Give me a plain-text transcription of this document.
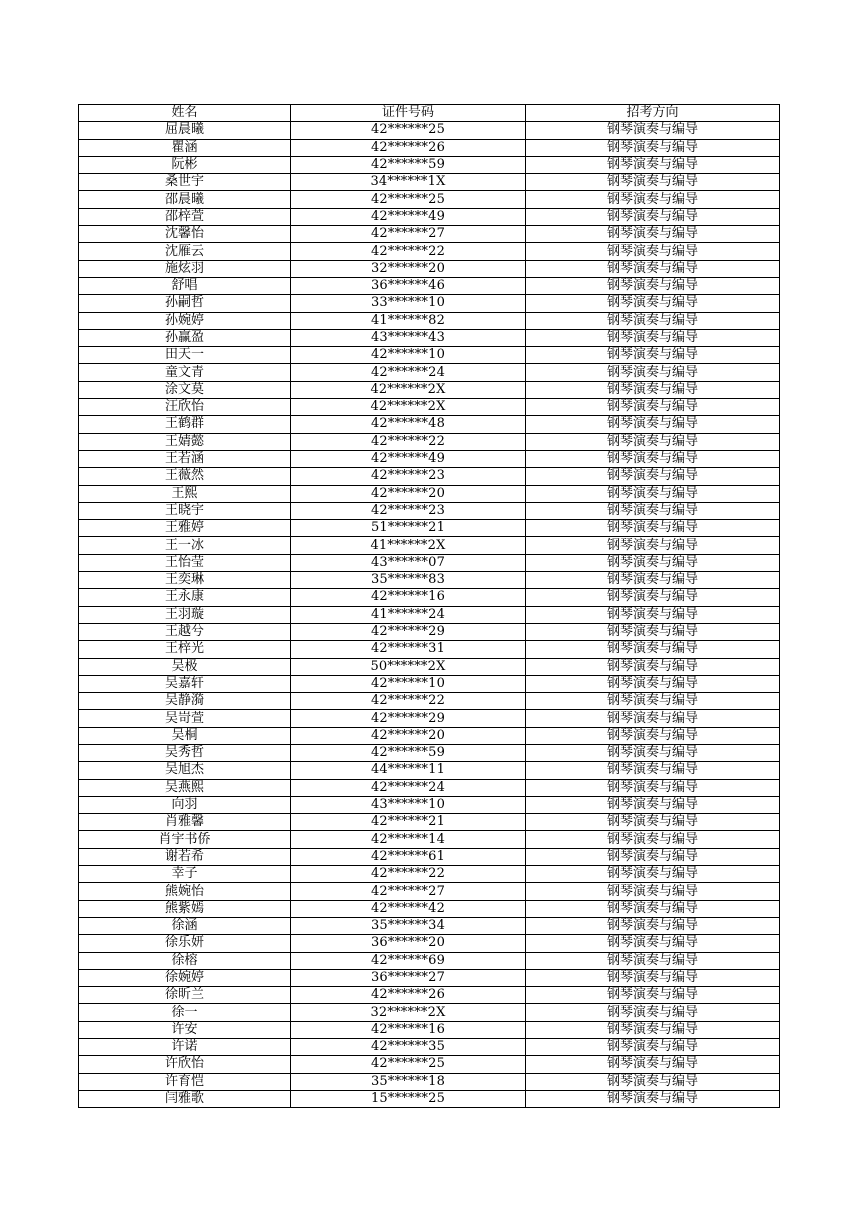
姓名	证件号码	招考方向
屈晨曦	42******25	钢琴演奏与编导
瞿涵	42******26	钢琴演奏与编导
阮彬	42******59	钢琴演奏与编导
桑世宇	34******1X	钢琴演奏与编导
邵晨曦	42******25	钢琴演奏与编导
邵梓萱	42******49	钢琴演奏与编导
沈馨怡	42******27	钢琴演奏与编导
沈雁云	42******22	钢琴演奏与编导
施炫羽	32******20	钢琴演奏与编导
舒唱	36******46	钢琴演奏与编导
孙嗣哲	33******10	钢琴演奏与编导
孙婉婷	41******82	钢琴演奏与编导
孙赢盈	43******43	钢琴演奏与编导
田天一	42******10	钢琴演奏与编导
童文青	42******24	钢琴演奏与编导
涂文莫	42******2X	钢琴演奏与编导
汪欣怡	42******2X	钢琴演奏与编导
王鹤群	42******48	钢琴演奏与编导
王婧懿	42******22	钢琴演奏与编导
王若涵	42******49	钢琴演奏与编导
王薇然	42******23	钢琴演奏与编导
王熙	42******20	钢琴演奏与编导
王晓宇	42******23	钢琴演奏与编导
王雅婷	51******21	钢琴演奏与编导
王一冰	41******2X	钢琴演奏与编导
王怡莹	43******07	钢琴演奏与编导
王奕琳	35******83	钢琴演奏与编导
王永康	42******16	钢琴演奏与编导
王羽璇	41******24	钢琴演奏与编导
王越兮	42******29	钢琴演奏与编导
王梓光	42******31	钢琴演奏与编导
吴极	50******2X	钢琴演奏与编导
吴嘉轩	42******10	钢琴演奏与编导
吴静漪	42******22	钢琴演奏与编导
吴岢萱	42******29	钢琴演奏与编导
吴桐	42******20	钢琴演奏与编导
吴秀哲	42******59	钢琴演奏与编导
吴旭杰	44******11	钢琴演奏与编导
吴燕熙	42******24	钢琴演奏与编导
向羽	43******10	钢琴演奏与编导
肖雅馨	42******21	钢琴演奏与编导
肖宇书侨	42******14	钢琴演奏与编导
谢若希	42******61	钢琴演奏与编导
幸子	42******22	钢琴演奏与编导
熊婉怡	42******27	钢琴演奏与编导
熊紫嫣	42******42	钢琴演奏与编导
徐涵	35******34	钢琴演奏与编导
徐乐妍	36******20	钢琴演奏与编导
徐榕	42******69	钢琴演奏与编导
徐婉婷	36******27	钢琴演奏与编导
徐昕兰	42******26	钢琴演奏与编导
徐一	32******2X	钢琴演奏与编导
许安	42******16	钢琴演奏与编导
许诺	42******35	钢琴演奏与编导
许欣怡	42******25	钢琴演奏与编导
许育恺	35******18	钢琴演奏与编导
闫雅歌	15******25	钢琴演奏与编导
